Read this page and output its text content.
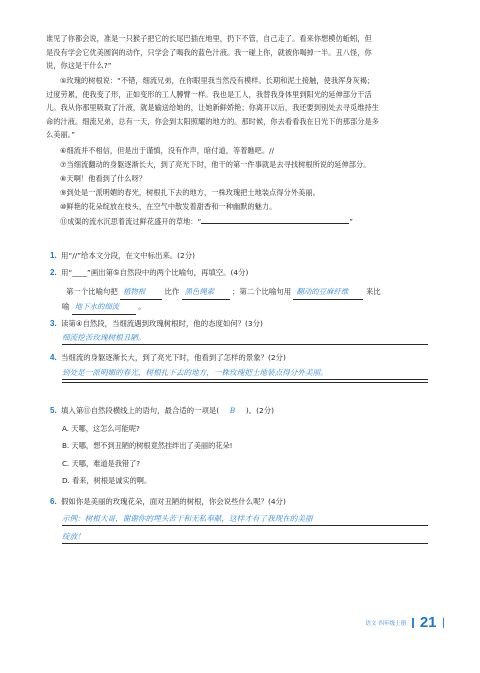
谁见了你都会说，准是一只猴子把它的长尾巴插在地里，扔下不管，自己走了。看来你想模仿蚯蚓，但
是没有学会它优美圆润的动作，只学会了喝我的蓝色汁液。我一碰上你，就被你喝掉一半。丑八怪，你
说，你这是干什么?”
⑤玫瑰的树根说：“不错，细流兄弟，在你眼里我当然没有模样。长期和泥土接触，使我浑身灰褐；
过度劳累，使我变了形，正如变形的工人膊臂一样。我也是工人，我替我身体里到阳光的延伸部分干活
儿。我从你那里吸取了汁液，就是输送给她的，让她新鲜娇艳；你离开以后，我还要到别处去寻觅维持生
命的汁液。细流兄弟，总有一天，你会到太阳照耀的地方的。那时候，你去看看我在日光下的那部分是多
么美丽。”
⑥细流并不相信，但是出于谨慎，没有作声，暗付道，等着瞧吧。//
⑦当细流翻动的身躯逐渐长大，到了亮光下时，他干的第一件事就是去寻找树根所说的延伸部分。
⑧天啊！他看到了什么呀？
⑨到处是一派明媚的春光，树根扎下去的地方，一株玫瑰把土地装点得分外美丽。
⑩鲜艳的花朵绽放在枝头，在空气中散发着甜香和一种幽默的魅力。
⑪成渠的流水沉思着流过鲜花盛开的草地：“	”
1. 用“//”给本文分段，在文中标出来。(2分)
2. 用“____”画出第⑤自然段中的两个比喻句，再填空。(4分)
第一个比喻句把 植物根	比作 黑色绳索 ；第二个比喻句用 翻动的豆麻纤维 来比
喻 地下水的细流	。
3. 读第④自然段，当细流遇到玫瑰树根时，他的态度如何？(3分)
细流挖苦玫瑰树根丑陋。
4. 当细流的身躯逐渐长大，到了亮光下时，他看到了怎样的景象？(2分)
到处是一派明媚的春光，树根扎下去的地方，一株玫瑰把土地装点得分外美丽。
5. 填入第⑪自然段横线上的语句，最合适的一项是( B )。(2分)
A. 天哪，这怎么可能呢?
B. 天哪，想不到丑陋的树根竟然挂绊出了美丽的花朵!
C. 天哪，难道是我错了?
D. 看来，树根是诚实的啊。
6. 假如你是美丽的玫瑰花朵，面对丑陋的树根，你会说些什么呢？(4分)
示例：树根大哥，谢谢你的埋头苦干和无私奉献，这样才有了我现在的美丽
绽放！
语文 四年级上册 21
